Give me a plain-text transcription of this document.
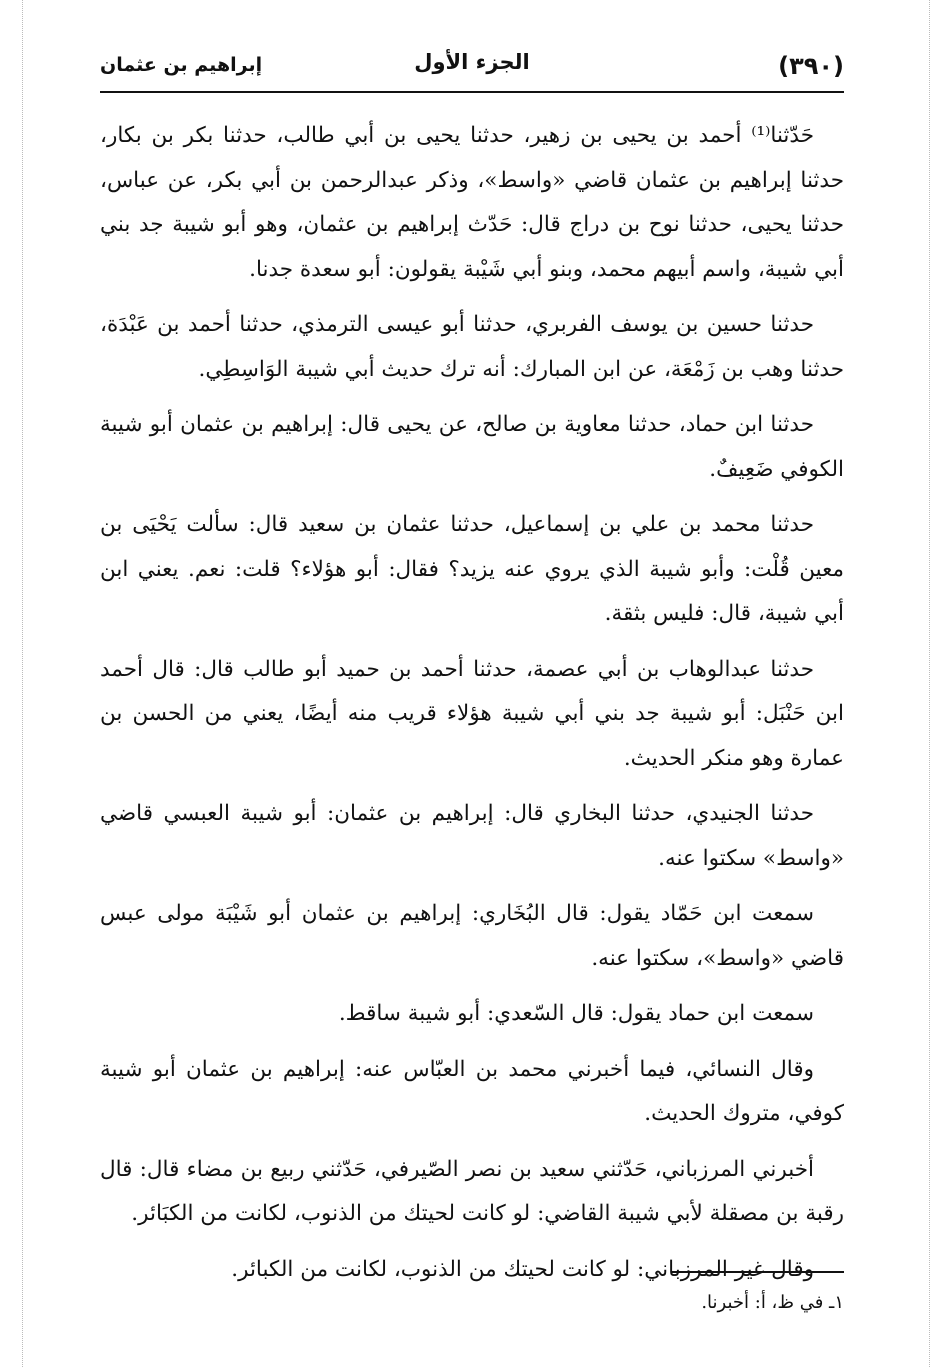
(٣٩٠)
الجزء الأول
إبراهيم بن عثمان

حَدّثنا⁽¹⁾ أحمد بن يحيى بن زهير، حدثنا يحيى بن أبي طالب، حدثنا بكر بن بكار، حدثنا إبراهيم بن عثمان قاضي «واسط»، وذكر عبدالرحمن بن أبي بكر، عن عباس، حدثنا يحيى، حدثنا نوح بن دراج قال: حَدّث إبراهيم بن عثمان، وهو أبو شيبة جد بني أبي شيبة، واسم أبيهم محمد، وبنو أبي شَيْبة يقولون: أبو سعدة جدنا.

حدثنا حسين بن يوسف الفربري، حدثنا أبو عيسى الترمذي، حدثنا أحمد بن عَبْدَة، حدثنا وهب بن زَمْعَة، عن ابن المبارك: أنه ترك حديث أبي شيبة الوَاسِطِي.

حدثنا ابن حماد، حدثنا معاوية بن صالح، عن يحيى قال: إبراهيم بن عثمان أبو شيبة الكوفي ضَعِيفٌ.

حدثنا محمد بن علي بن إسماعيل، حدثنا عثمان بن سعيد قال: سألت يَحْيَى بن معين قُلْت: وأبو شيبة الذي يروي عنه يزيد؟ فقال: أبو هؤلاء؟ قلت: نعم. يعني ابن أبي شيبة، قال: فليس بثقة.

حدثنا عبدالوهاب بن أبي عصمة، حدثنا أحمد بن حميد أبو طالب قال: قال أحمد ابن حَنْبَل: أبو شيبة جد بني أبي شيبة هؤلاء قريب منه أيضًا، يعني من الحسن بن عمارة وهو منكر الحديث.

حدثنا الجنيدي، حدثنا البخاري قال: إبراهيم بن عثمان: أبو شيبة العبسي قاضي «واسط» سكتوا عنه.

سمعت ابن حَمّاد يقول: قال البُخَاري: إبراهيم بن عثمان أبو شَيْبَة مولى عبس قاضي «واسط»، سكتوا عنه.

سمعت ابن حماد يقول: قال السّعدي: أبو شيبة ساقط.

وقال النسائي، فيما أخبرني محمد بن العبّاس عنه: إبراهيم بن عثمان أبو شيبة كوفي، متروك الحديث.

أخبرني المرزباني، حَدّثني سعيد بن نصر الصّيرفي، حَدّثني ربيع بن مضاء قال: قال رقبة بن مصقلة لأبي شيبة القاضي: لو كانت لحيتك من الذنوب، لكانت من الكبَائر.

وقال غير المرزباني: لو كانت لحيتك من الذنوب، لكانت من الكبائر.

١ـ في ظ، أ: أخبرنا.
